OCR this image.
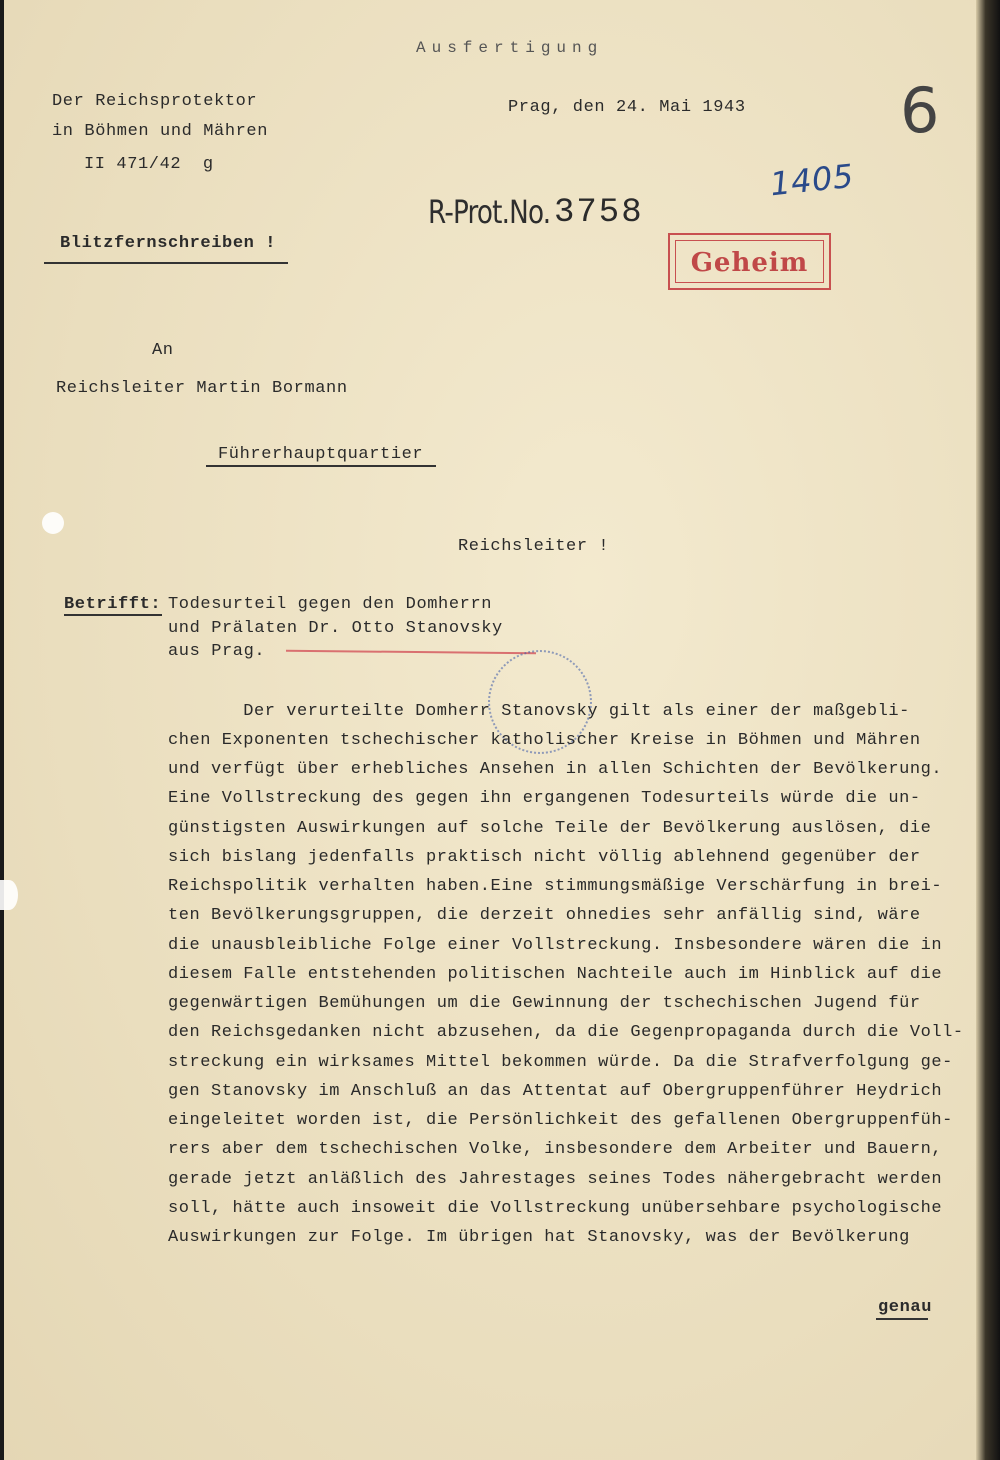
Ausfertigung
Der Reichsprotektor
in Böhmen und Mähren
II 471/42  g
Prag, den 24. Mai 1943 6
1405
R-Prot.No. 3758
Geheim
Blitzfernschreiben !
An
Reichsleiter Martin Bormann
Führerhauptquartier
Reichsleiter !
Betrifft: Todesurteil gegen den Domherrn
und Prälaten Dr. Otto Stanovsky
aus Prag.
Der verurteilte Domherr Stanovsky gilt als einer der maßgebli-
chen Exponenten tschechischer katholischer Kreise in Böhmen und Mähren
und verfügt über erhebliches Ansehen in allen Schichten der Bevölkerung.
Eine Vollstreckung des gegen ihn ergangenen Todesurteils würde die un-
günstigsten Auswirkungen auf solche Teile der Bevölkerung auslösen, die
sich bislang jedenfalls praktisch nicht völlig ablehnend gegenüber der
Reichspolitik verhalten haben.Eine stimmungsmäßige Verschärfung in brei-
ten Bevölkerungsgruppen, die derzeit ohnedies sehr anfällig sind, wäre
die unausbleibliche Folge einer Vollstreckung. Insbesondere wären die in
diesem Falle entstehenden politischen Nachteile auch im Hinblick auf die
gegenwärtigen Bemühungen um die Gewinnung der tschechischen Jugend für
den Reichsgedanken nicht abzusehen, da die Gegenpropaganda durch die Voll-
streckung ein wirksames Mittel bekommen würde. Da die Strafverfolgung ge-
gen Stanovsky im Anschluß an das Attentat auf Obergruppenführer Heydrich
eingeleitet worden ist, die Persönlichkeit des gefallenen Obergruppenfüh-
rers aber dem tschechischen Volke, insbesondere dem Arbeiter und Bauern,
gerade jetzt anläßlich des Jahrestages seines Todes nähergebracht werden
soll, hätte auch insoweit die Vollstreckung unübersehbare psychologische
Auswirkungen zur Folge. Im übrigen hat Stanovsky, was der Bevölkerung
genau
